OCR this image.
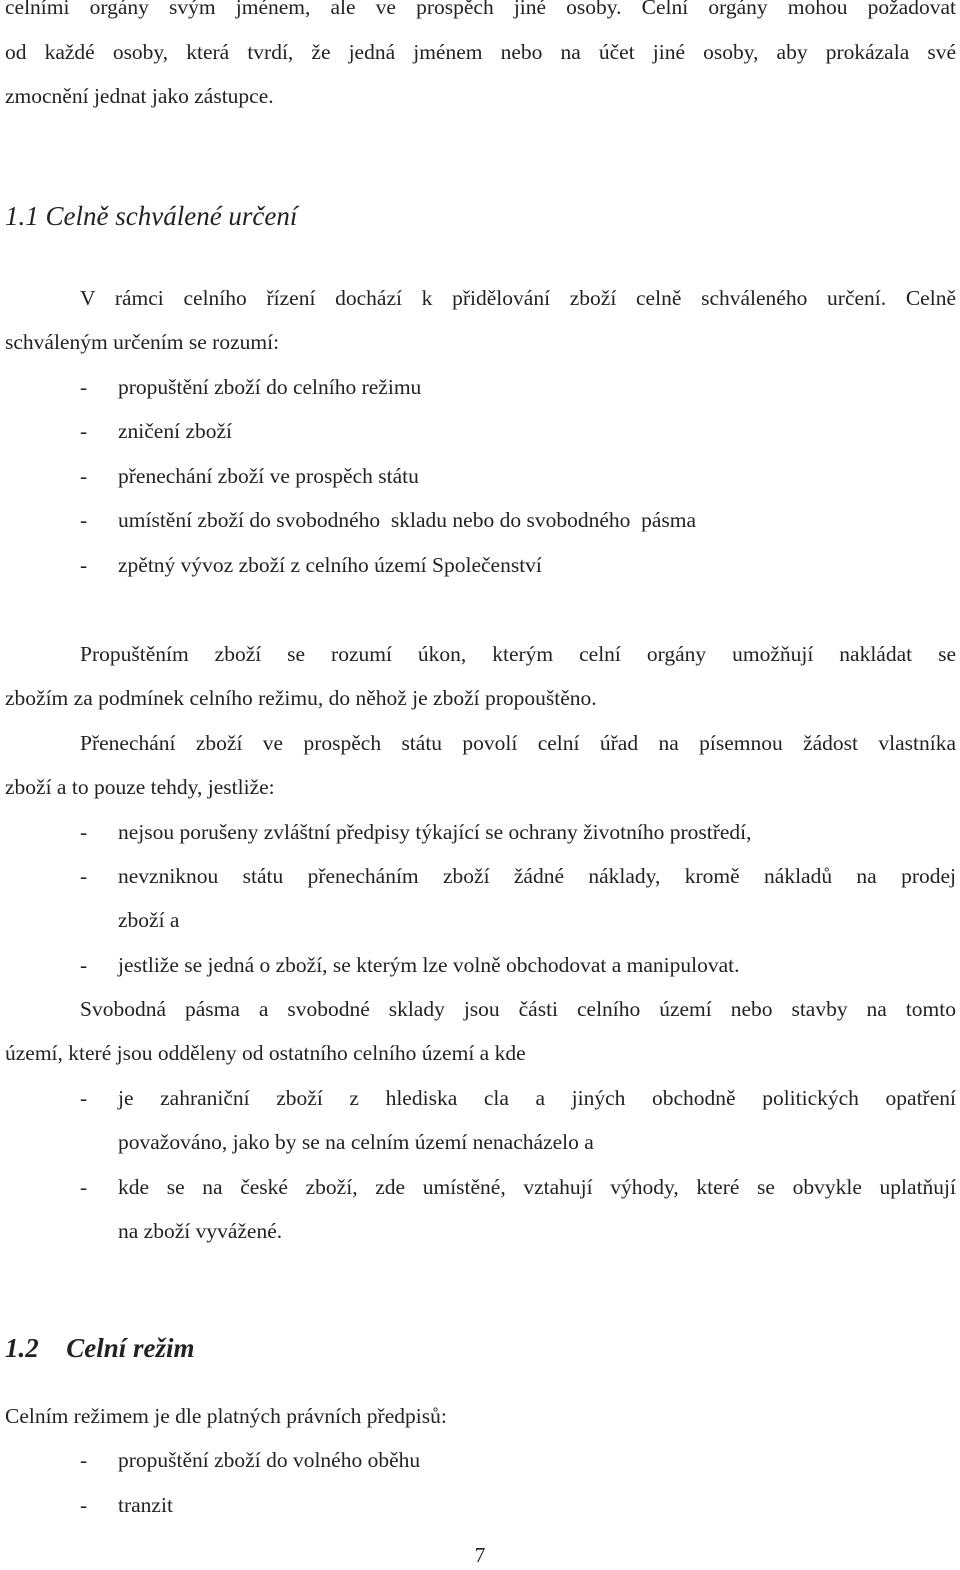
celními orgány svým jménem, ale ve prospěch jiné osoby. Celní orgány mohou požadovat
od každé osoby, která tvrdí, že jedná jménem nebo na účet jiné osoby, aby prokázala své
zmocnění jednat jako zástupce.
1.1 Celně schválené určení
V rámci celního řízení dochází k přidělování zboží celně schváleného určení. Celně
schváleným určením se rozumí:
- propuštění zboží do celního režimu
- zničení zboží
- přenechání zboží ve prospěch státu
- umístění zboží do svobodného  skladu nebo do svobodného  pásma
- zpětný vývoz zboží z celního území Společenství
Propuštěním zboží se rozumí úkon, kterým celní orgány umožňují nakládat se
zbožím za podmínek celního režimu, do něhož je zboží propouštěno.
Přenechání zboží ve prospěch státu povolí celní úřad na písemnou žádost vlastníka
zboží a to pouze tehdy, jestliže:
- nejsou porušeny zvláštní předpisy týkající se ochrany životního prostředí,
- nevzniknou státu přenecháním zboží žádné náklady, kromě nákladů na prodej
zboží a
- jestliže se jedná o zboží, se kterým lze volně obchodovat a manipulovat.
Svobodná pásma a svobodné sklady jsou části celního území nebo stavby na tomto
území, které jsou odděleny od ostatního celního území a kde
- je zahraniční zboží z hlediska cla a jiných obchodně politických opatření
považováno, jako by se na celním území nenacházelo a
- kde se na české zboží, zde umístěné, vztahují výhody, které se obvykle uplatňují
na zboží vyvážené.
1.2 Celní režim
Celním režimem je dle platných právních předpisů:
- propuštění zboží do volného oběhu
- tranzit
7
